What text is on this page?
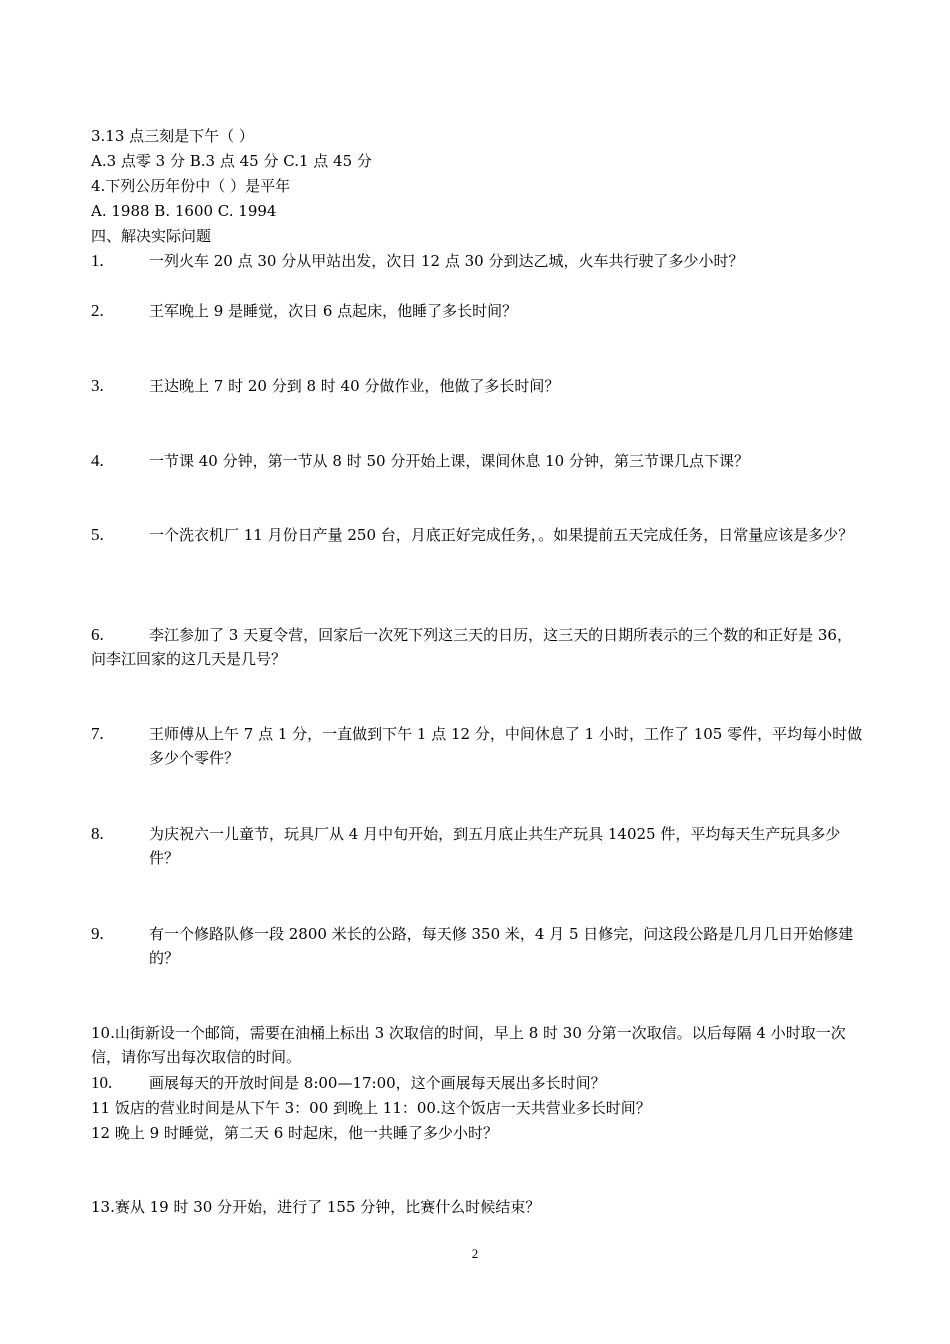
3.13 点三刻是下午（ ）
A.3 点零 3 分 B.3 点 45 分 C.1 点 45 分
4.下列公历年份中（ ）是平年
A. 1988 B. 1600 C. 1994
四、解决实际问题
1.	一列火车 20 点 30 分从甲站出发，次日 12 点 30 分到达乙城，火车共行驶了多少小时？
2.	王军晚上 9 是睡觉，次日 6 点起床，他睡了多长时间？
3.	王达晚上 7 时 20 分到 8 时 40 分做作业，他做了多长时间？
4.	一节课 40 分钟，第一节从 8 时 50 分开始上课，课间休息 10 分钟，第三节课几点下课？
5.	一个洗衣机厂 11 月份日产量 250 台，月底正好完成任务，。如果提前五天完成任务，日常量应该是多少？
6.	李江参加了 3 天夏令营，回家后一次死下列这三天的日历，这三天的日期所表示的三个数的和正好是 36，问李江回家的这几天是几号？
7.	王师傅从上午 7 点 1 分，一直做到下午 1 点 12 分，中间休息了 1 小时，工作了 105 零件，平均每小时做多少个零件？
8.	为庆祝六一儿童节，玩具厂从 4 月中旬开始，到五月底止共生产玩具 14025 件，平均每天生产玩具多少件？
9.	有一个修路队修一段 2800 米长的公路，每天修 350 米，4 月 5 日修完，问这段公路是几月几日开始修建的？
10.山街新设一个邮筒，需要在油桶上标出 3 次取信的时间，早上 8 时 30 分第一次取信。以后每隔 4 小时取一次信，请你写出每次取信的时间。
10.	画展每天的开放时间是 8:00—17:00，这个画展每天展出多长时间？
11 饭店的营业时间是从下午 3：00 到晚上 11：00.这个饭店一天共营业多长时间？
12 晚上 9 时睡觉，第二天 6 时起床，他一共睡了多少小时？
13.赛从 19 时 30 分开始，进行了 155 分钟，比赛什么时候结束？
2
